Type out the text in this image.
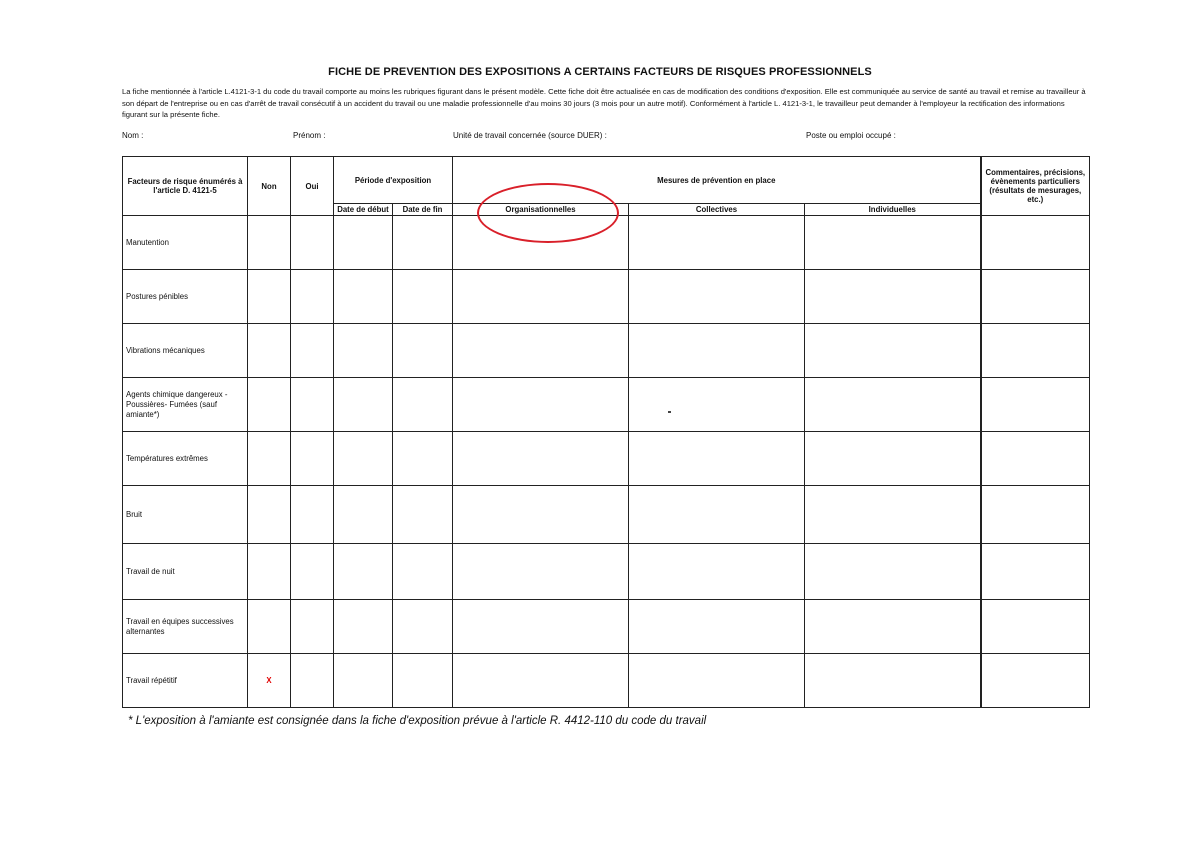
FICHE DE PREVENTION DES EXPOSITIONS A CERTAINS FACTEURS DE RISQUES PROFESSIONNELS
La fiche mentionnée à l'article L.4121-3-1 du code du travail comporte au moins les rubriques figurant dans le présent modèle. Cette fiche doit être actualisée en cas de modification des conditions d'exposition. Elle est communiquée au service de santé au travail et remise au travailleur à son départ de l'entreprise ou en cas d'arrêt de travail consécutif à un accident du travail ou une maladie professionnelle d'au moins 30 jours (3 mois pour un autre motif). Conformément à l'article L. 4121-3-1, le travailleur peut demander à l'employeur la rectification des informations figurant sur la présente fiche.
Nom :	Prénom :	Unité de travail concernée (source DUER) :	Poste ou emploi occupé :
Facteurs de risque énumérés à l'article D. 4121-5	Non	Oui	Période d'exposition		Mesures de prévention en place			Commentaires, précisions, évènements particuliers (résultats de mesurages, etc.)
			Date de début	Date de fin	Organisationnelles	Collectives	Individuelles	
Manutention								
Postures pénibles								
Vibrations mécaniques								
Agents chimique dangereux - Poussières- Fumées (sauf amiante*)								
Températures extrêmes								
Bruit								
Travail de nuit								
Travail en équipes successives alternantes								
Travail répétitif	X							
* L'exposition à l'amiante est consignée dans la fiche d'exposition prévue à l'article R. 4412-110 du code du travail
